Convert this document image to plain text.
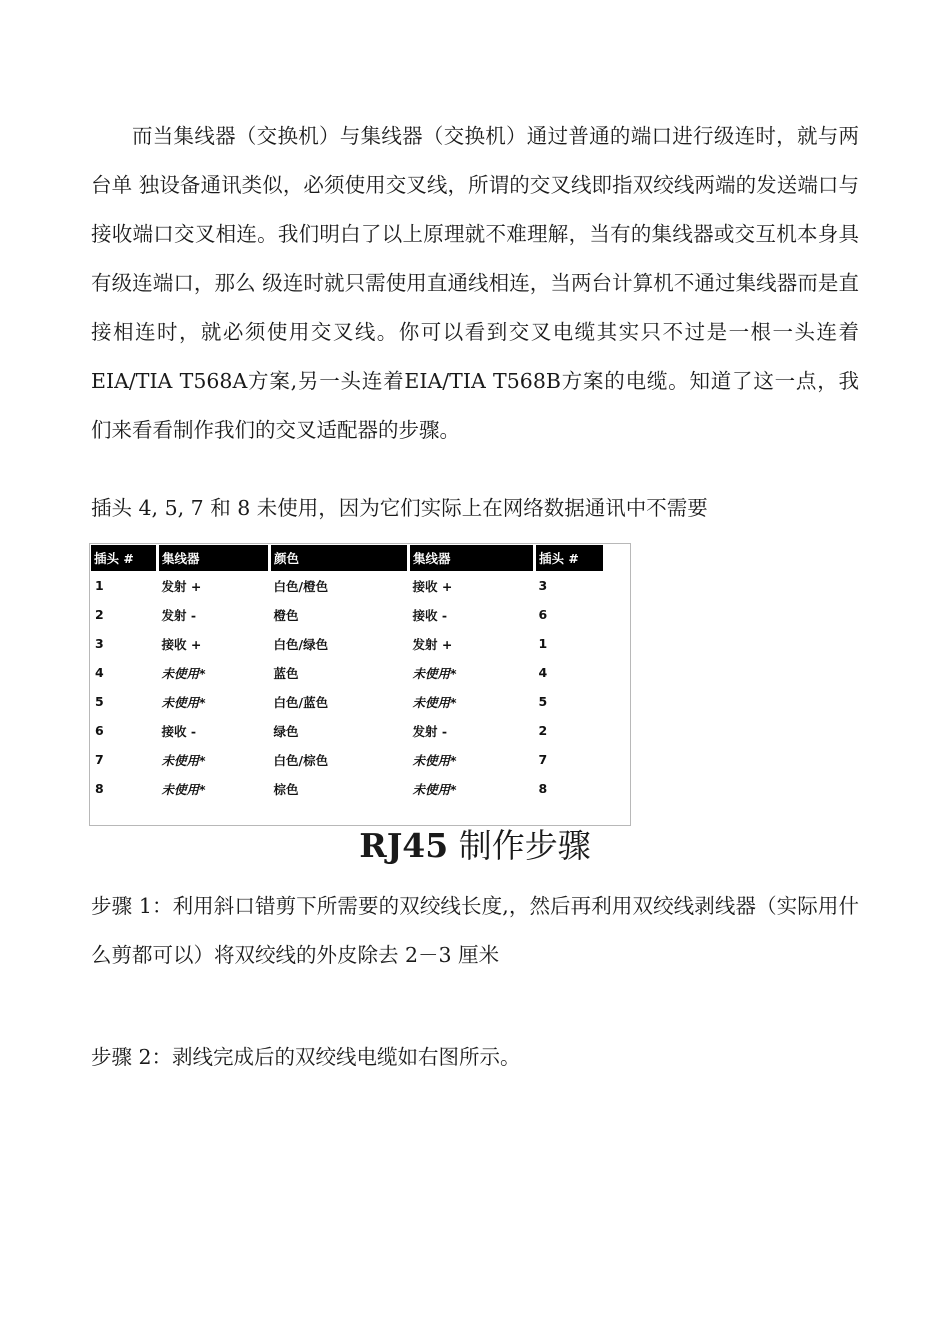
而当集线器（交换机）与集线器（交换机）通过普通的端口进行级连时，就与两台单 独设备通讯类似，必须使用交叉线，所谓的交叉线即指双绞线两端的发送端口与接收端口交叉相连。我们明白了以上原理就不难理解，当有的集线器或交互机本身具有级连端口，那么 级连时就只需使用直通线相连，当两台计算机不通过集线器而是直接相连时，就必须使用交叉线。你可以看到交叉电缆其实只不过是一根一头连着EIA/TIA T568A方案,另一头连着EIA/TIA T568B方案的电缆。知道了这一点，我们来看看制作我们的交叉适配器的步骤。

插头 4, 5, 7 和 8 未使用，因为它们实际上在网络数据通讯中不需要

插头 #	集线器	颜色	集线器	插头 #
1	发射 +	白色/橙色	接收 +	3
2	发射 -	橙色	接收 -	6
3	接收 +	白色/绿色	发射 +	1
4	未使用*	蓝色	未使用*	4
5	未使用*	白色/蓝色	未使用*	5
6	接收 -	绿色	发射 -	2
7	未使用*	白色/棕色	未使用*	7
8	未使用*	棕色	未使用*	8
RJ45 制作步骤

步骤 1：利用斜口错剪下所需要的双绞线长度,，然后再利用双绞线剥线器（实际用什么剪都可以）将双绞线的外皮除去 2－3 厘米

步骤 2：剥线完成后的双绞线电缆如右图所示。
